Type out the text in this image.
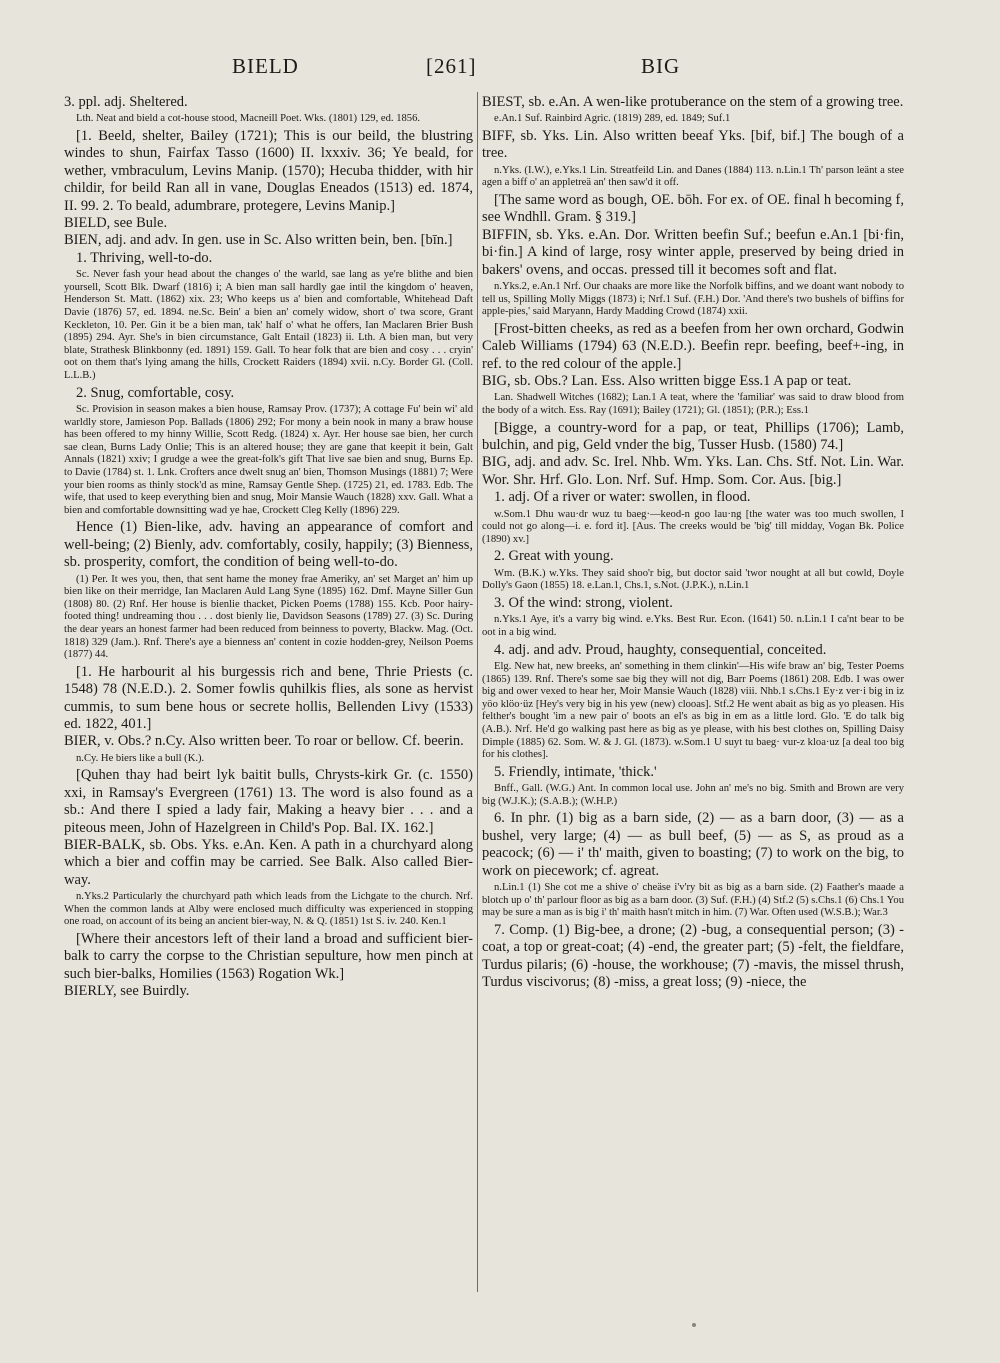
BIELD	[261]	BIG

3. ppl. adj. Sheltered.

Lth. Neat and bield a cot-house stood, Macneill Poet. Wks. (1801) 129, ed. 1856.

[1. Beeld, shelter, Bailey (1721); This is our beild, the blustring windes to shun, Fairfax Tasso (1600) II. lxxxiv. 36; Ye beald, for wether, vmbraculum, Levins Manip. (1570); Hecuba thidder, with hir childir, for beild Ran all in vane, Douglas Eneados (1513) ed. 1874, II. 99. 2. To beald, adumbrare, protegere, Levins Manip.]

BIELD, see Bule.

BIEN, adj. and adv. In gen. use in Sc. Also written bein, ben. [bīn.]

1. Thriving, well-to-do.

Sc. Never fash your head about the changes o' the warld, sae lang as ye're blithe and bien yoursell, Scott Blk. Dwarf (1816) i; A bien man sall hardly gae intil the kingdom o' heaven, Henderson St. Matt. (1862) xix. 23; Who keeps us a' bien and comfortable, Whitehead Daft Davie (1876) 57, ed. 1894. ne.Sc. Bein' a bien an' comely widow, short o' twa score, Grant Keckleton, 10. Per. Gin it be a bien man, tak' half o' what he offers, Ian Maclaren Brier Bush (1895) 294. Ayr. She's in bien circumstance, Galt Entail (1823) ii. Lth. A bien man, but very blate, Strathesk Blinkbonny (ed. 1891) 159. Gall. To hear folk that are bien and cosy . . . cryin' oot on them that's lying amang the hills, Crockett Raiders (1894) xvii. n.Cy. Border Gl. (Coll. L.L.B.)

2. Snug, comfortable, cosy.

Sc. Provision in season makes a bien house, Ramsay Prov. (1737); A cottage Fu' bein wi' ald warldly store, Jamieson Pop. Ballads (1806) 292; For mony a bein nook in many a braw house has been offered to my hinny Willie, Scott Redg. (1824) x. Ayr. Her house sae bien, her curch sae clean, Burns Lady Onlie; This is an altered house; they are gane that keepit it bein, Galt Annals (1821) xxiv; I grudge a wee the great-folk's gift That live sae bien and snug, Burns Ep. to Davie (1784) st. 1. Lnk. Crofters ance dwelt snug an' bien, Thomson Musings (1881) 7; Were your bien rooms as thinly stock'd as mine, Ramsay Gentle Shep. (1725) 21, ed. 1783. Edb. The wife, that used to keep everything bien and snug, Moir Mansie Wauch (1828) xxv. Gall. What a bien and comfortable downsitting wad ye hae, Crockett Cleg Kelly (1896) 229.

Hence (1) Bien-like, adv. having an appearance of comfort and well-being; (2) Bienly, adv. comfortably, cosily, happily; (3) Bienness, sb. prosperity, comfort, the condition of being well-to-do.

(1) Per. It wes you, then, that sent hame the money frae Ameriky, an' set Marget an' him up bien like on their merridge, Ian Maclaren Auld Lang Syne (1895) 162. Dmf. Mayne Siller Gun (1808) 80. (2) Rnf. Her house is bienlie thacket, Picken Poems (1788) 155. Kcb. Poor hairy-footed thing! undreaming thou . . . dost bienly lie, Davidson Seasons (1789) 27. (3) Sc. During the dear years an honest farmer had been reduced from beinness to poverty, Blackw. Mag. (Oct. 1818) 329 (Jam.). Rnf. There's aye a bienness an' content in cozie hodden-grey, Neilson Poems (1877) 44.

[1. He harbourit al his burgessis rich and bene, Thrie Priests (c. 1548) 78 (N.E.D.). 2. Somer fowlis quhilkis flies, als sone as hervist cummis, to sum bene hous or secrete hollis, Bellenden Livy (1533) ed. 1822, 401.]

BIER, v. Obs.? n.Cy. Also written beer. To roar or bellow. Cf. beerin.

n.Cy. He biers like a bull (K.).

[Quhen thay had beirt lyk baitit bulls, Chrysts-kirk Gr. (c. 1550) xxi, in Ramsay's Evergreen (1761) 13. The word is also found as a sb.: And there I spied a lady fair, Making a heavy bier . . . and a piteous meen, John of Hazelgreen in Child's Pop. Bal. IX. 162.]

BIER-BALK, sb. Obs. Yks. e.An. Ken. A path in a churchyard along which a bier and coffin may be carried. See Balk. Also called Bier-way.

n.Yks.2 Particularly the churchyard path which leads from the Lichgate to the church. Nrf. When the common lands at Alby were enclosed much difficulty was experienced in stopping one road, on account of its being an ancient bier-way, N. & Q. (1851) 1st S. iv. 240. Ken.1

[Where their ancestors left of their land a broad and sufficient bier-balk to carry the corpse to the Christian sepulture, how men pinch at such bier-balks, Homilies (1563) Rogation Wk.]

BIERLY, see Buirdly.

BIEST, sb. e.An. A wen-like protuberance on the stem of a growing tree.

e.An.1 Suf. Rainbird Agric. (1819) 289, ed. 1849; Suf.1

BIFF, sb. Yks. Lin. Also written beeaf Yks. [bif, bif.] The bough of a tree.

n.Yks. (I.W.), e.Yks.1 Lin. Streatfeild Lin. and Danes (1884) 113. n.Lin.1 Th' parson leänt a stee agen a biff o' an appletreä an' then saw'd it off.

[The same word as bough, OE. bōh. For ex. of OE. final h becoming f, see Wndhll. Gram. § 319.]

BIFFIN, sb. Yks. e.An. Dor. Written beefin Suf.; beefun e.An.1 [bi·fin, bi·fin.] A kind of large, rosy winter apple, preserved by being dried in bakers' ovens, and occas. pressed till it becomes soft and flat.

n.Yks.2, e.An.1 Nrf. Our chaaks are more like the Norfolk biffins, and we doant want nobody to tell us, Spilling Molly Miggs (1873) i; Nrf.1 Suf. (F.H.) Dor. 'And there's two bushels of biffins for apple-pies,' said Maryann, Hardy Madding Crowd (1874) xxii.

[Frost-bitten cheeks, as red as a beefen from her own orchard, Godwin Caleb Williams (1794) 63 (N.E.D.). Beefin repr. beefing, beef+-ing, in ref. to the red colour of the apple.]

BIG, sb. Obs.? Lan. Ess. Also written bigge Ess.1 A pap or teat.

Lan. Shadwell Witches (1682); Lan.1 A teat, where the 'familiar' was said to draw blood from the body of a witch. Ess. Ray (1691); Bailey (1721); Gl. (1851); (P.R.); Ess.1

[Bigge, a country-word for a pap, or teat, Phillips (1706); Lamb, bulchin, and pig, Geld vnder the big, Tusser Husb. (1580) 74.]

BIG, adj. and adv. Sc. Irel. Nhb. Wm. Yks. Lan. Chs. Stf. Not. Lin. War. Wor. Shr. Hrf. Glo. Lon. Nrf. Suf. Hmp. Som. Cor. Aus. [big.]

1. adj. Of a river or water: swollen, in flood.

w.Som.1 Dhu wau·dr wuz tu baeg·—keod-n goo lau·ng [the water was too much swollen, I could not go along—i. e. ford it]. [Aus. The creeks would be 'big' till midday, Vogan Bk. Police (1890) xv.]

2. Great with young.

Wm. (B.K.) w.Yks. They said shoo'r big, but doctor said 'twor nought at all but cowld, Doyle Dolly's Gaon (1855) 18. e.Lan.1, Chs.1, s.Not. (J.P.K.), n.Lin.1

3. Of the wind: strong, violent.

n.Yks.1 Aye, it's a varry big wind. e.Yks. Best Rur. Econ. (1641) 50. n.Lin.1 I ca'nt bear to be oot in a big wind.

4. adj. and adv. Proud, haughty, consequential, conceited.

Elg. New hat, new breeks, an' something in them clinkin'—His wife braw an' big, Tester Poems (1865) 139. Rnf. There's some sae big they will not dig, Barr Poems (1861) 208. Edb. I was ower big and ower vexed to hear her, Moir Mansie Wauch (1828) viii. Nhb.1 s.Chs.1 Ey·z ver·i big in iz yöo klöo·üz [Hey's very big in his yew (new) clooas]. Stf.2 He went abait as big as yo pleasen. His felther's bought 'im a new pair o' boots an el's as big in em as a little lord. Glo. 'E do talk big (A.B.). Nrf. He'd go walking past here as big as ye please, with his best clothes on, Spilling Daisy Dimple (1885) 62. Som. W. & J. Gl. (1873). w.Som.1 U suyt tu baeg· vur-z kloa·uz [a deal too big for his clothes].

5. Friendly, intimate, 'thick.'

Bnff., Gall. (W.G.) Ant. In common local use. John an' me's no big. Smith and Brown are very big (W.J.K.); (S.A.B.); (W.H.P.)

6. In phr. (1) big as a barn side, (2) — as a barn door, (3) — as a bushel, very large; (4) — as bull beef, (5) — as S, as proud as a peacock; (6) — i' th' maith, given to boasting; (7) to work on the big, to work on piecework; cf. agreat.

n.Lin.1 (1) She cot me a shive o' cheäse i'v'ry bit as big as a barn side. (2) Faather's maade a blotch up o' th' parlour floor as big as a barn door. (3) Suf. (F.H.) (4) Stf.2 (5) s.Chs.1 (6) Chs.1 You may be sure a man as is big i' th' maith hasn't mitch in him. (7) War. Often used (W.S.B.); War.3

7. Comp. (1) Big-bee, a drone; (2) -bug, a consequential person; (3) -coat, a top or great-coat; (4) -end, the greater part; (5) -felt, the fieldfare, Turdus pilaris; (6) -house, the workhouse; (7) -mavis, the missel thrush, Turdus viscivorus; (8) -miss, a great loss; (9) -niece, the
